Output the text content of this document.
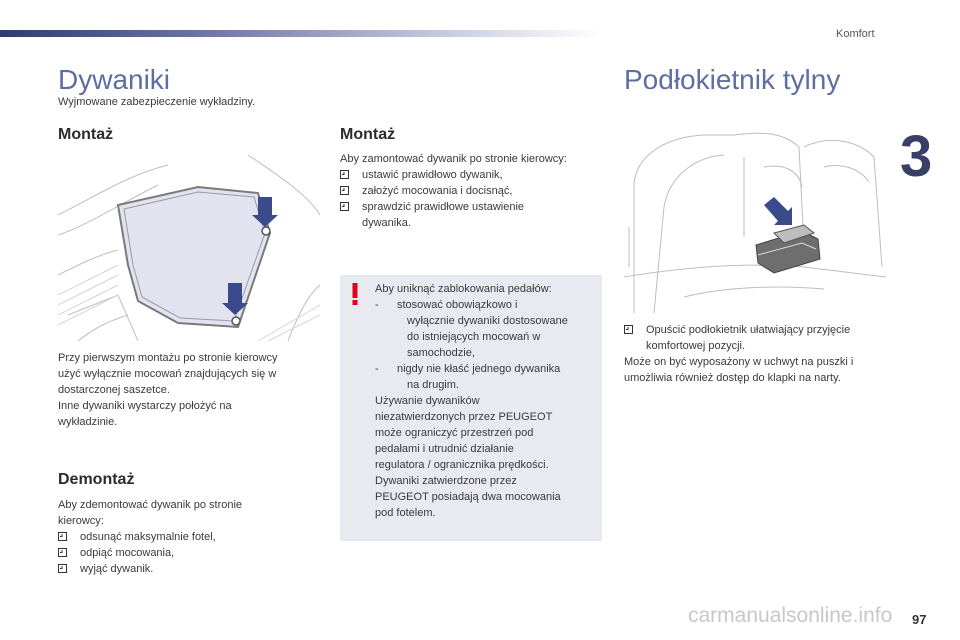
Komfort
3
Dywaniki

Wyjmowane zabezpieczenie wykładziny.

Montaż
Przy pierwszym montażu po stronie kierowcy
użyć wyłącznie mocowań znajdujących się w
dostarczonej saszetce.
Inne dywaniki wystarczy położyć na
wykładzinie.
Demontaż
Aby zdemontować dywanik po stronie
kierowcy:
odsunąć maksymalnie fotel,
odpiąć mocowania,
wyjąć dywanik.
Montaż
Aby zamontować dywanik po stronie kierowcy:
ustawić prawidłowo dywanik,
założyć mocowania i docisnąć,
sprawdzić prawidłowe ustawienie
dywanika.
Aby uniknąć zablokowania pedałów:
- stosować obowiązkowo i
wyłącznie dywaniki dostosowane
do istniejących mocowań w
samochodzie,
- nigdy nie kłaść jednego dywanika
na drugim.
Używanie dywaników
niezatwierdzonych przez PEUGEOT
może ograniczyć przestrzeń pod
pedałami i utrudnić działanie
regulatora / ogranicznika prędkości.
Dywaniki zatwierdzone przez
PEUGEOT posiadają dwa mocowania
pod fotelem.
Podłokietnik tylny
Opuścić podłokietnik ułatwiający przyjęcie
komfortowej pozycji.
Może on być wyposażony w uchwyt na puszki i
umożliwia również dostęp do klapki na narty.
carmanualsonline.info 97
